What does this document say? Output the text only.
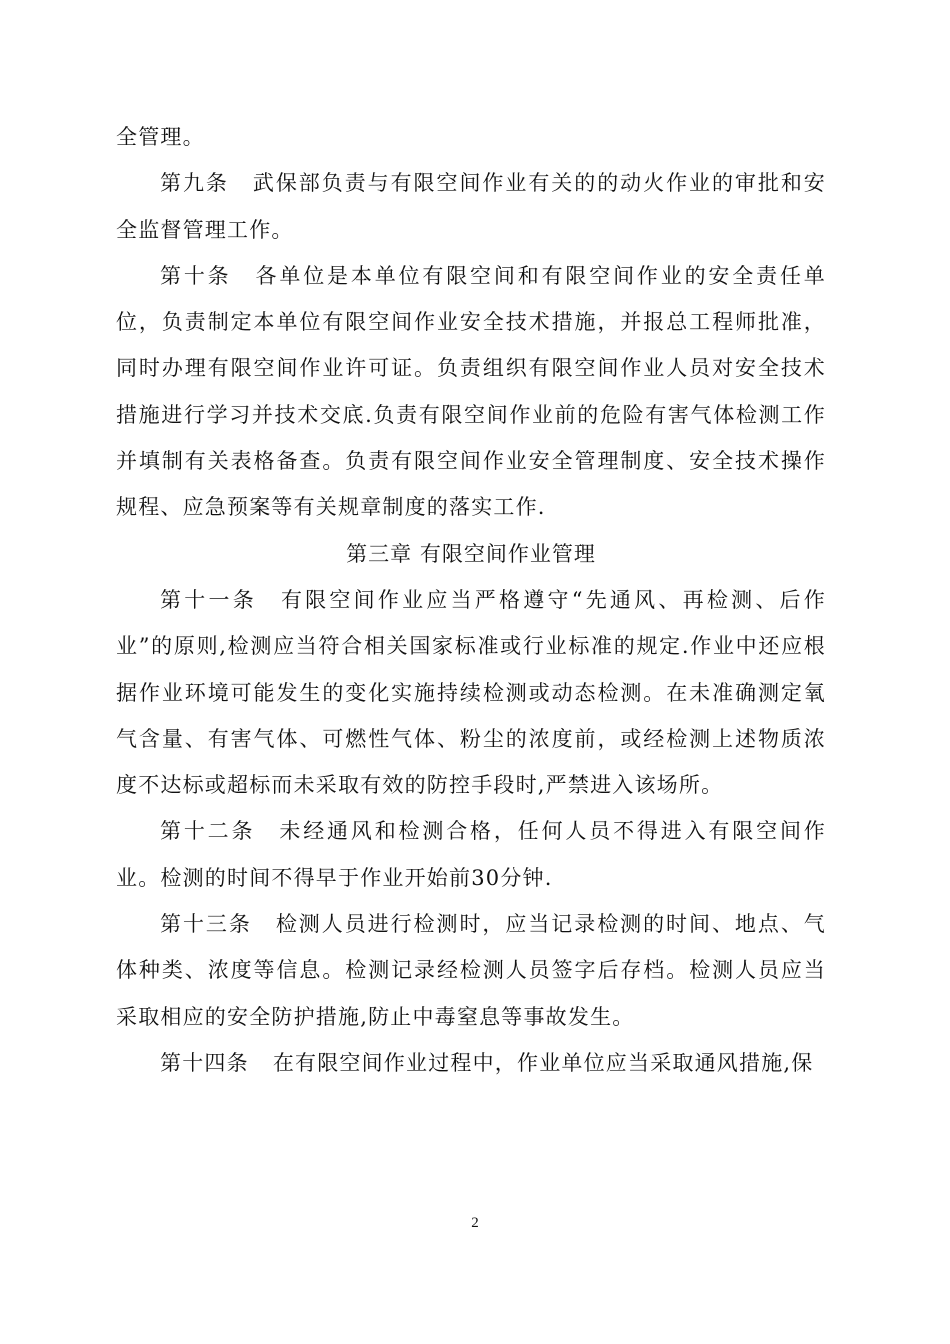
全管理。

第九条 武保部负责与有限空间作业有关的的动火作业的审批和安全监督管理工作。

第十条 各单位是本单位有限空间和有限空间作业的安全责任单位，负责制定本单位有限空间作业安全技术措施，并报总工程师批准，同时办理有限空间作业许可证。负责组织有限空间作业人员对安全技术措施进行学习并技术交底.负责有限空间作业前的危险有害气体检测工作并填制有关表格备查。负责有限空间作业安全管理制度、安全技术操作规程、应急预案等有关规章制度的落实工作.

第三章 有限空间作业管理

第十一条 有限空间作业应当严格遵守“先通风、再检测、后作业”的原则,检测应当符合相关国家标准或行业标准的规定.作业中还应根据作业环境可能发生的变化实施持续检测或动态检测。在未准确测定氧气含量、有害气体、可燃性气体、粉尘的浓度前，或经检测上述物质浓度不达标或超标而未采取有效的防控手段时,严禁进入该场所。

第十二条 未经通风和检测合格，任何人员不得进入有限空间作业。检测的时间不得早于作业开始前30分钟.

第十三条 检测人员进行检测时，应当记录检测的时间、地点、气体种类、浓度等信息。检测记录经检测人员签字后存档。检测人员应当采取相应的安全防护措施,防止中毒窒息等事故发生。

第十四条 在有限空间作业过程中，作业单位应当采取通风措施,保

2
